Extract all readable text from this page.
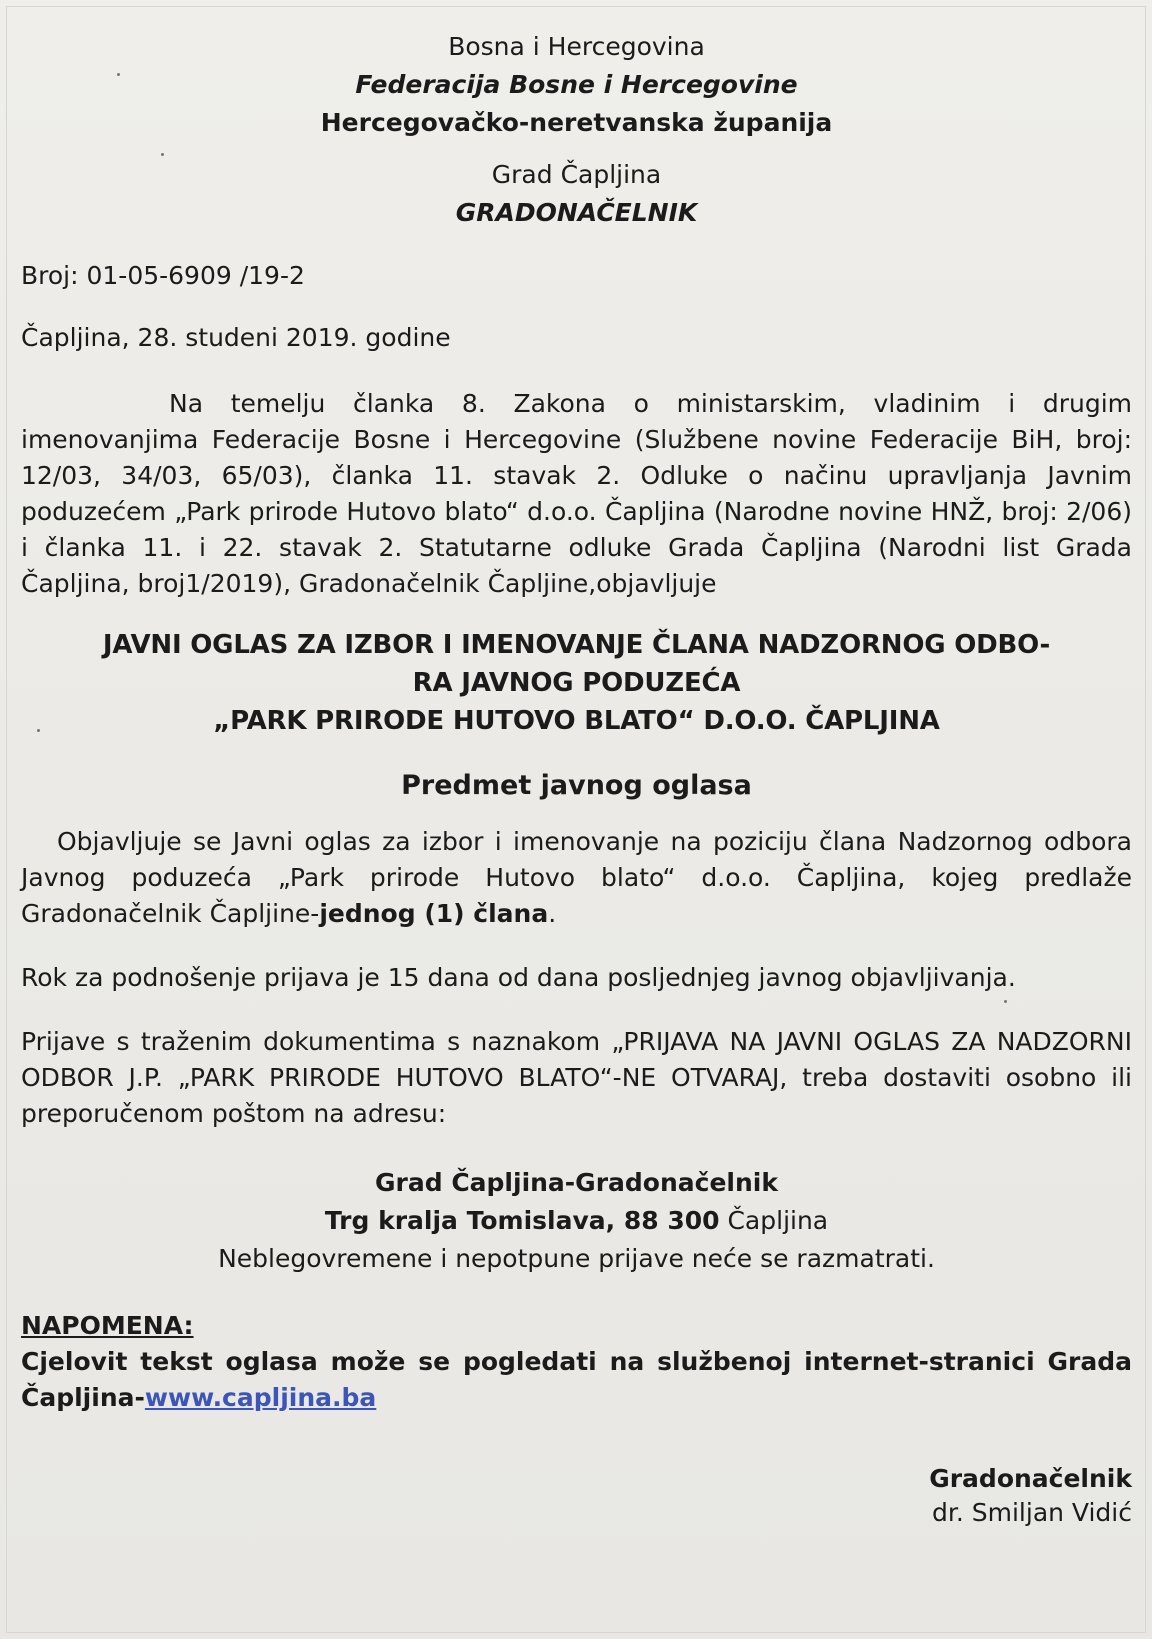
Bosna i Hercegovina

Federacija Bosne i Hercegovine

Hercegovačko-neretvanska županija

Grad Čapljina

GRADONAČELNIK

Broj: 01-05-6909 /19-2

Čapljina, 28. studeni 2019. godine

Na temelju članka 8. Zakona o ministarskim, vladinim i drugim imenovanjima Federacije Bosne i Hercegovine (Službene novine Federacije BiH, broj: 12/03, 34/03, 65/03), članka 11. stavak 2. Odluke o načinu upravljanja Javnim poduzećem „Park prirode Hutovo blato“ d.o.o. Čapljina (Narodne novine HNŽ, broj: 2/06) i članka 11. i 22. stavak 2. Statutarne odluke Grada Čapljina (Narodni list Grada Čapljina, broj1/2019), Gradonačelnik Čapljine,objavljuje

JAVNI OGLAS ZA IZBOR I IMENOVANJE ČLANA NADZORNOG ODBO-

RA JAVNOG PODUZEĆA

„PARK PRIRODE HUTOVO BLATO“ D.O.O. ČAPLJINA

Predmet javnog oglasa

Objavljuje se Javni oglas za izbor i imenovanje na poziciju člana Nadzornog odbora Javnog poduzeća „Park prirode Hutovo blato“ d.o.o. Čapljina, kojeg predlaže Gradonačelnik Čapljine-jednog (1) člana.

Rok za podnošenje prijava je 15 dana od dana posljednjeg javnog objavljivanja.

Prijave s traženim dokumentima s naznakom „PRIJAVA NA JAVNI OGLAS ZA NADZORNI ODBOR J.P. „PARK PRIRODE HUTOVO BLATO“-NE OTVARAJ, treba dostaviti osobno ili preporučenom poštom na adresu:

Grad Čapljina-Gradonačelnik

Trg kralja Tomislava, 88 300 Čapljina

Neblegovremene i nepotpune prijave neće se razmatrati.

NAPOMENA:

Cjelovit tekst oglasa može se pogledati na službenoj internet-stranici Grada Čapljina-www.capljina.ba

Gradonačelnik

dr. Smiljan Vidić
